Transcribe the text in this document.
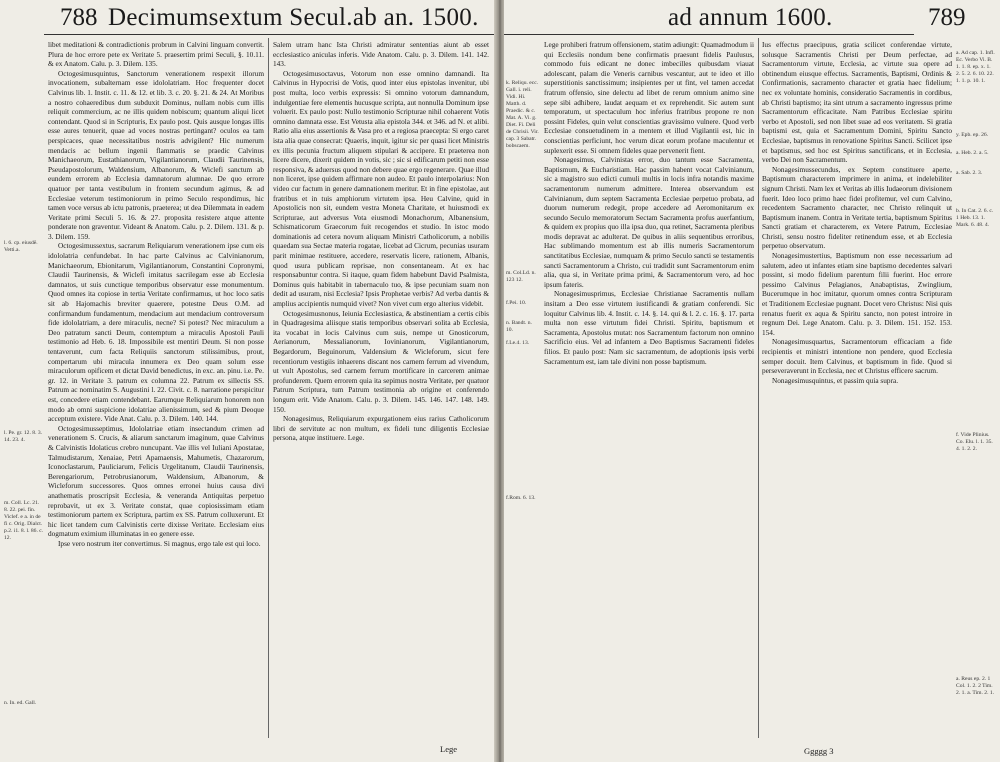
788 Decimumsextum Secul.ab an. 1500.
l. 6. cp. eiusdē. Vetti.a.
l. Pe. gr. 12. 8. 3. 14. 23. 4.
m. Coll. Lc. 21. 8. 22. pei. fin. Viclef. e a. in de fi c. Orig. Dialct. p.2. i1. 8. l. 86. c. 12.
n. In. ed. Gall.

libet meditationi & contradictionis probrum in Calvini linguam convertit. Plura de hoc errore pete ex Veritate 5. praesertim primi Seculi, §. 10.11. & ex Anatom. Calu. p. 3. Dilem. 135.

Octogesimusquintus, Sanctorum venerationem respexit illorum invocationem, subalternam esse idololatriam. Hoc frequenter docet Calvinus lib. 1. Instit. c. 11. & 12. et lib. 3. c. 20. §. 21. & 24. At Moribus a nostro cohaeredibus dum subduxit Dominus, nullam nobis cum illis reliquit commercium, ac ne illis quidem nobiscum; quantum aliqui licet contendant. Quod si in Scripturis, Ex paulo post. Quis ausque longas illis esse aures tenuerit, quae ad voces nostras pertingant? oculos ea tam perspicaces, quae necessitatibus nostris advigilent? Hic numerum mendacis ac bellum ingenii flammatis se praedic Calvinus Manichaeorum, Eustathianorum, Vigilantianorum, Claudii Taurinensis, Pseudapostolorum, Waldensium, Albanorum, & Wiclefi sanctum ab eundem errorem ab Ecclesia damnatorum alumnae. De quo errore quatuor per tanta vestibulum in frontem secundum agimus, & ad Ecclesiae veterum testimoniorum in primo Seculo respondimus, hic tamen voce versus ab ictu patronis, praeterea; ut dea Dilemmata in eadem Veritate primi Seculi 5. 16. & 27. proposita resistere atque attente ponderate non graventur. Videant & Anatom. Calu. p. 2. Dilem. 131. & p. 3. Dilem. 159.

Octogesimussextus, sacrarum Reliquiarum venerationem ipse cum eis idololatria cenfundebat. In hac parte Calvinus ac Calvinianorum, Manichaeorum, Ebionitarum, Vigilantianorum, Constantini Copronymi, Claudii Taurinensis, & Wiclefi imitatus sacrilegam esse ab Ecclesia damnatos, ut suis cunctique temporibus observatur esse monumentum. Quod omnes ita copiose in tertia Veritate confirmamus, ut hoc loco satis sit ab Hajomachis breviter quaerere, potestne Deus O.M. ad confirmandum fundamentum, mendacium aut mendacium controversum fide idololatriam, a dere miraculis, necne? Si potest? Nec miraculum a Deo patratum sancti Deum, contemptum a miraculis Apostoli Pauli testimonio ad Heb. 6. 18. Impossibile est mentiri Deum. Si non posse tentaverunt, cum facta Reliquiis sanctorum stilissimibus, prout, compertarum ubi miracula innumera ex Deo quam solum esse miraculorum opificem et dictat David benedictus, in exc. an. pinu. i.e. Pe. gr. 12. in Veritate 3. patrum ex columna 22. Patrum ex sillectis SS. Patrum ac nominatim S. Augustini l. 22. Civit. c. 8. narratione perspicitur est, concedere etiam contendebant. Earumque Reliquiarum honorem non modo ab omni suspicione idolatriae alienissimum, sed & pium Deoque acceptum existere. Vide Anat. Calu. p. 3. Dilem. 140. 144.

Octogesimusseptimus, Idololatriae etiam insectandum crimen ad venerationem S. Crucis, & aliarum sanctarum imaginum, quae Calvinus & Calvinistis Idolaticus crebro nuncupant. Vae illis vel Iuliani Apostatae, Talmudistarum, Xenaiae, Petri Apamaensis, Mahumetis, Chazarorum, Iconoclastarum, Pauliciarum, Felicis Urgelitanum, Claudii Taurinensis, Berengariorum, Petrobrusianorum, Waldensium, Albanorum, & Wicleforum successores. Quos omnes erronei huius causa divi anathematis proscripsit Ecclesia, & veneranda Antiquitas perpetuo reprobavit, ut ex 3. Veritate constat, quae copiosissimam etiam testimoniorum partem ex Scriptura, partim ex SS. Patrum colluxerunt. Et hic licet tandem cum Calvinistis certe dixisse Veritate. Ecclesiam eius dogmatum eximium illuminatas in eo genere esse.

Ipse vero nostrum iter convertimus. Si magnus, ergo tale est qui loco.

Salem utram hanc Ista Christi admiratur sententias aiunt ab esset ecclesiastico aniculas inferis. Vide Anatom. Calu. p. 3. Dilem. 141. 142. 143.

Octogesimusoctavus, Votorum non esse omnino damnandi. Ita Calvinus in Hypocrisi de Votis, quod inter eius epistolas invenitur, ubi post multa, loco verbis expressis: Si omnino votorum damnandum, indulgentiae fere elementis hucusque scripta, aut nonnulla Dominum ipse voluerit. Ex paulo post: Nullo testimonio Scripturae nihil cohaerent Votis omnino damnata esse. Est Vetusta alia epistola 344. et 346. ad N. et alibi. Ratio alia eius assertionis & Vasa pro et a regiosa praecepta: Si ergo caret ista alia quae consecrat: Quaeris, inquit, igitur sic per quasi licet Ministris ex illis pecunia fructum aliquem stipulari & accipere. Et praeterea non licere dicere, dixerit quidem in votis, sic ; sic si edificarum petiti non esse responsiva, & aduersus quod non debere quae ergo regenerare. Quae illud non liceret, ipse quidem affirmare non audeo. Et paulo interpolarius: Non video cur factum in genere damnationem meritur. Et in fine epistolae, aut fratribus et in tuis amphiorum virtutem ipsa. Heu Calvine, quid in Apostolicis non sit, eundem vestra Moneta Charitate, et huiusmodi ex Scripturae, aut adversus Vota eiusmodi Monachorum, Albanensium, Schismaticorum Graecorum fuit recogendos et studio. In istoc modo dominationis ad cetera novum aliquam Ministri Catholicorum, a nobilis quaedam sua Sectae materia rogatae, licebat ad Cicrum, pecunias usuram parit minimae restituere, accedere, reservatis licere, rationem, Albanis, quod usura publicam reprisae, non consentaneam. At ex hac responsabuntur contra. Si itaque, quam fidem habebunt David Psalmista, Dominus quis habitabit in tabernaculo tuo, & ipse pecuniam suam non dedit ad usuram, nisi Ecclesia? Ipsis Prophetae verbis? Ad verba dantis & amplius accipientis numquid vivet? Non vivet cum ergo alterius videbit.

Octogesimusnonus, Ieiunia Ecclesiastica, & abstinentiam a certis cibis in Quadragesima aliisque statis temporibus observari solita ab Ecclesia, ita vocabat in locis Calvinus cum suis, nempe ut Gnosticorum, Aerianorum, Messalianorum, Iovinianorum, Vigilantianorum, Begardorum, Beguinorum, Valdensium & Wicleforum, sicut fere recentiorum vestigiis inhaerens discant nos carnem ferrum ad vivendum, ut vult Apostolus, sed carnem ferrum mortificare in carcerem animae profunderem. Quem errorem quia ita sepimus nostra Veritate, per quatuor Patrum Scriptura, tum Patrum testimonia ab origine et conferendo longum erit. Vide Anatom. Calu. p. 3. Dilem. 145. 146. 147. 148. 149. 150.

Nonagesimus, Reliquiarum expurgationem eius rarius Catholicorum libri de servitute ac non multum, ex fideli tunc diligentis Ecclesiae persona, atque instituere. Lege.

Lege
ad annum 1600.	789
k. Reliqu. ecc. Gall. i. reli. Vidi. Hi. Matth. d. Praedic. & c. Mat. A. Vi. g. Diet. Fi. Deli de Chrisii. Vir. cap. 3 Sabatr. bobscaem.
m. Col.Ld. n. 123 12.
f.Pei. 10.
n. Bandt. n. 10.
f.Le.4. 13.
f.Rom. 6. 13.

Lege prohiberi fratrum offensionem, statim adiungit: Quamadmodum ii qui Ecclesiis nondum bene confirmatis praesunt fidelis Paulusus, commodo fuis edicant ne donec imbecilles quibusdam viauat adolescant, palam die Veneris carnibus vescantur, aut te ideo et illo superstitionis sanctissimum; insipientes per ut fint, vel tamen accedat fratrum offensio, sine delectu ad libet de rerum omnium animo sine sepe sibi adhibere, laudat aequam et ex reprehendit. Sic autem sunt temporatum, ut spectaculum hoc inferius fratribus propone re non possint Fideles, quin velut conscientias gravissimo vulnere. Quod verb Ecclesiae consuetudinem in a mentem et illud Vigilantii est, hic in conscientias perficiunt, hoc verum dicat eorum profane maculentur et suplexerit esse. Si omnem fideles quae pervenerit fient.

Nonagesimus, Calvinistas error, duo tantum esse Sacramenta, Baptismum, & Eucharistiam. Hac passim habent vocat Calvinianum, sic a magistro suo edicti cumuli multis in locis infra notandis maxime sacramentorum numerum admittere. Interea observandum est Calvinianum, dum septem Sacramenta Ecclesiae perpetuo probata, ad duorum numerum redegit, prope accedere ad Aeromonitarum ex secundo Seculo memoratorum Sectam Sacramenta profus auerfantium, & quidem ex propius quo illa ipsa duo, qua retinet, Sacramenta pleribus modis depravat ac adulterat. De quibus in aliis sequentibus erroribus, Hac sublimando momentum est ab illis numeris Sacramentorum sanctitatibus Ecclesiae, numquam & primo Seculo sancti se testamentis sancti Sacramentorum a Christo, cui tradidit sunt Sacramentorum enim alia, qua si, in Veritate prima primi, & Sacramentorum vero, ad hoc ipsum fateris.

Nonagesimusprimus, Ecclesiae Christianae Sacramentis nullam insitam a Deo esse virtutem iustificandi & gratiam conferendi. Sic loquitur Calvinus lib. 4. Instit. c. 14. §. 14. qui & l. 2. c. 16. §. 17. parta multa non esse virtutum fidei Christi. Spiritu, baptismum et Sacramenta, Apostolus mutat: nos Sacramentum factorum non omnino Sacrificio eius. Vel ad infantem a Deo Baptismus Sacramenti fideles filios. Et paulo post: Nam sic sacramentum, de adoptionis ipsis verbi Sacramentum est, iam tale divini non posse baptismum.

Ius effectus praecipuus, gratia scilicet conferendae virtute, solusque Sacramentis Christi per Deum perfectae, ad Sacramentorum virtute, Ecclesia, ac virtute sua opere ad obtinendum eiusque effectus. Sacramentis, Baptismi, Ordinis & Confirmationis, sacramento character et gratia haec fidelium; nec ex voluntate hominis, consideratio Sacramentis in cordibus, ab Christi baptismo; ita sint utrum a sacramento ingressus prime Sacramentorum efficacitate. Nam Patribus Ecclesiae spiritu verbo et Apostoli, sed non libet suae ad eos veritatem. Si gratia baptismi est, quia et Sacramentum Domini, Spiritu Sancto Ecclesiae, baptismus in renovatione Spiritus Sancti. Scilicet ipse et baptismus, sed hoc est Spiritus sanctificans, et in Ecclesia, verbo Dei non Sacramentum.

Nonagesimussecundus, ex Septem constituere aperte, Baptismum characterem imprimere in anima, et indelebiliter signum Christi. Nam lex et Veritas ab illis Iudaeorum divisionem fuerit. Ideo loco primo haec fidei profitemur, vel cum Calvino, recedentem Sacramento character, nec Christo relinquit ut Baptismum inanem. Contra in Veritate tertia, baptismum Spiritus Sancti gratiam et characterem, ex Vetere Patrum, Ecclesiae Christi, sensu nostro fideliter retinendum esse, et ab Ecclesia perpetuo observatum.

Nonagesimustertius, Baptismum non esse necessarium ad salutem, adeo ut infantes etiam sine baptismo decedentes salvari possint, si modo fidelium parentum filii fuerint. Hoc errore pessimo Calvinus Pelagianos, Anabaptistas, Zwinglium, Bucerumque in hoc imitatur, quorum omnes contra Scripturam et Traditionem Ecclesiae pugnant. Docet vero Christus: Nisi quis renatus fuerit ex aqua & Spiritu sancto, non potest introire in regnum Dei. Lege Anatom. Calu. p. 3. Dilem. 151. 152. 153. 154.

Nonagesimusquartus, Sacramentorum efficaciam a fide recipientis et ministri intentione non pendere, quod Ecclesia semper docuit. Item Calvinus, et baptismum in fide. Quod si perseveraverunt in Ecclesia, nec et Christus efficere sacrum.

Nonagesimusquintus, et passim quia supra.

a. Ad cap. 1. Infl. Ec. Verbo Vi. B. 1. 1. 8. ep. x. 1. 2. 5. 2. 6. 10. 22. 1. 1. p. 10. 1.
y. Epb. ep. 26.
a. Heb. 2. a. 5.
a. Sab. 2. 3.
b. In Cat. 2. 6. c. 1 Heb. 13. 1. Mark. 6. 48. 4.
f. Vide Plinius. Co. Elu. l. 1. 35. 4. 1. 2. 2.
a. Reus ep. 2. 1 Col. 1. 2. 2 Tim. 2. 1. a. Tim. 2. 1.
Ggggg 3
